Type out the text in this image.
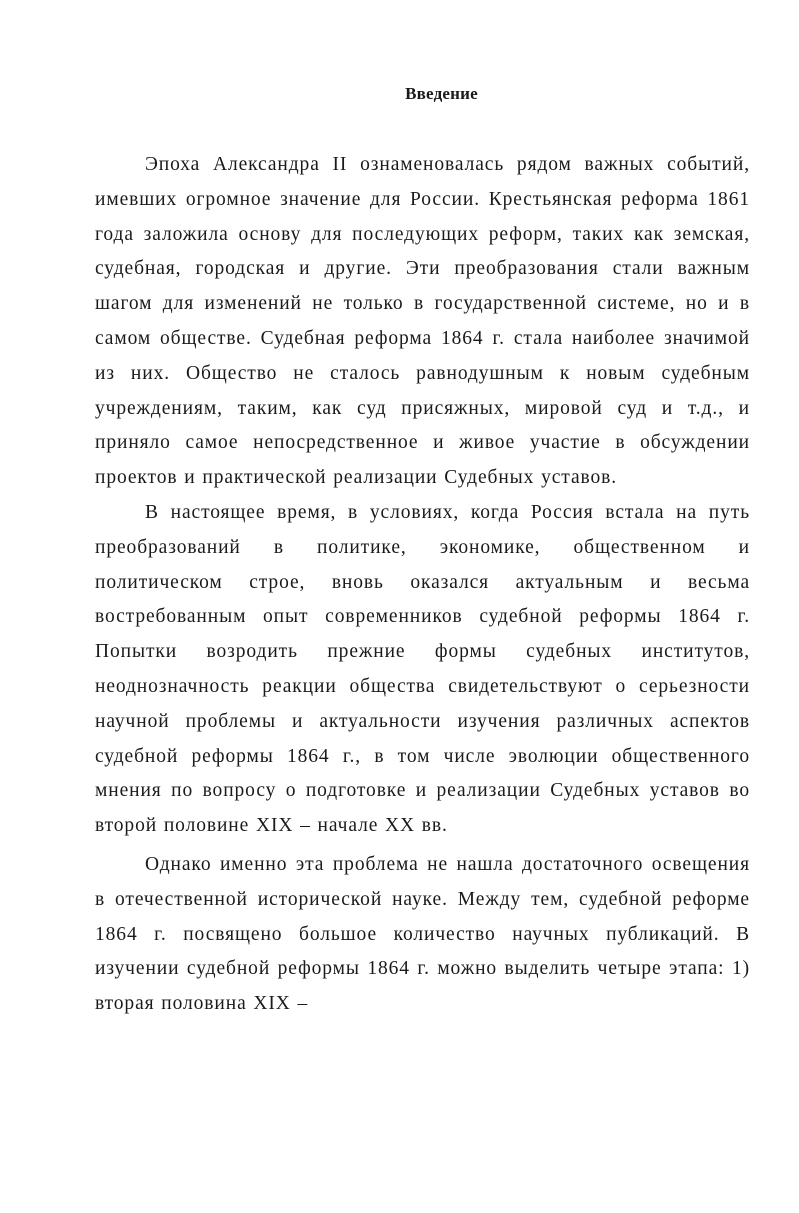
Введение

Эпоха Александра II ознаменовалась рядом важных событий, имевших огромное значение для России. Крестьянская реформа 1861 года заложила основу для последующих реформ, таких как земская, судебная, городская и другие. Эти преобразования стали важным шагом для изменений не только в государственной системе, но и в самом обществе. Судебная реформа 1864 г. стала наиболее значимой из них. Общество не сталось равнодушным к новым судебным учреждениям, таким, как суд присяжных, мировой суд и т.д., и приняло самое непосредственное и живое участие в обсуждении проектов и практической реализации Судебных уставов.

В настоящее время, в условиях, когда Россия встала на путь преобразований в политике, экономике, общественном и политическом строе, вновь оказался актуальным и весьма востребованным опыт современников судебной реформы 1864 г. Попытки возродить прежние формы судебных институтов, неоднозначность реакции общества свидетельствуют о серьезности научной проблемы и актуальности изучения различных аспектов судебной реформы 1864 г., в том числе эволюции общественного мнения по вопросу о подготовке и реализации Судебных уставов во второй половине XIX – начале XX вв.

Однако именно эта проблема не нашла достаточного освещения в отечественной исторической науке. Между тем, судебной реформе 1864 г. посвящено большое количество научных публикаций. В изучении судебной реформы 1864 г. можно выделить четыре этапа: 1) вторая половина XIX –
